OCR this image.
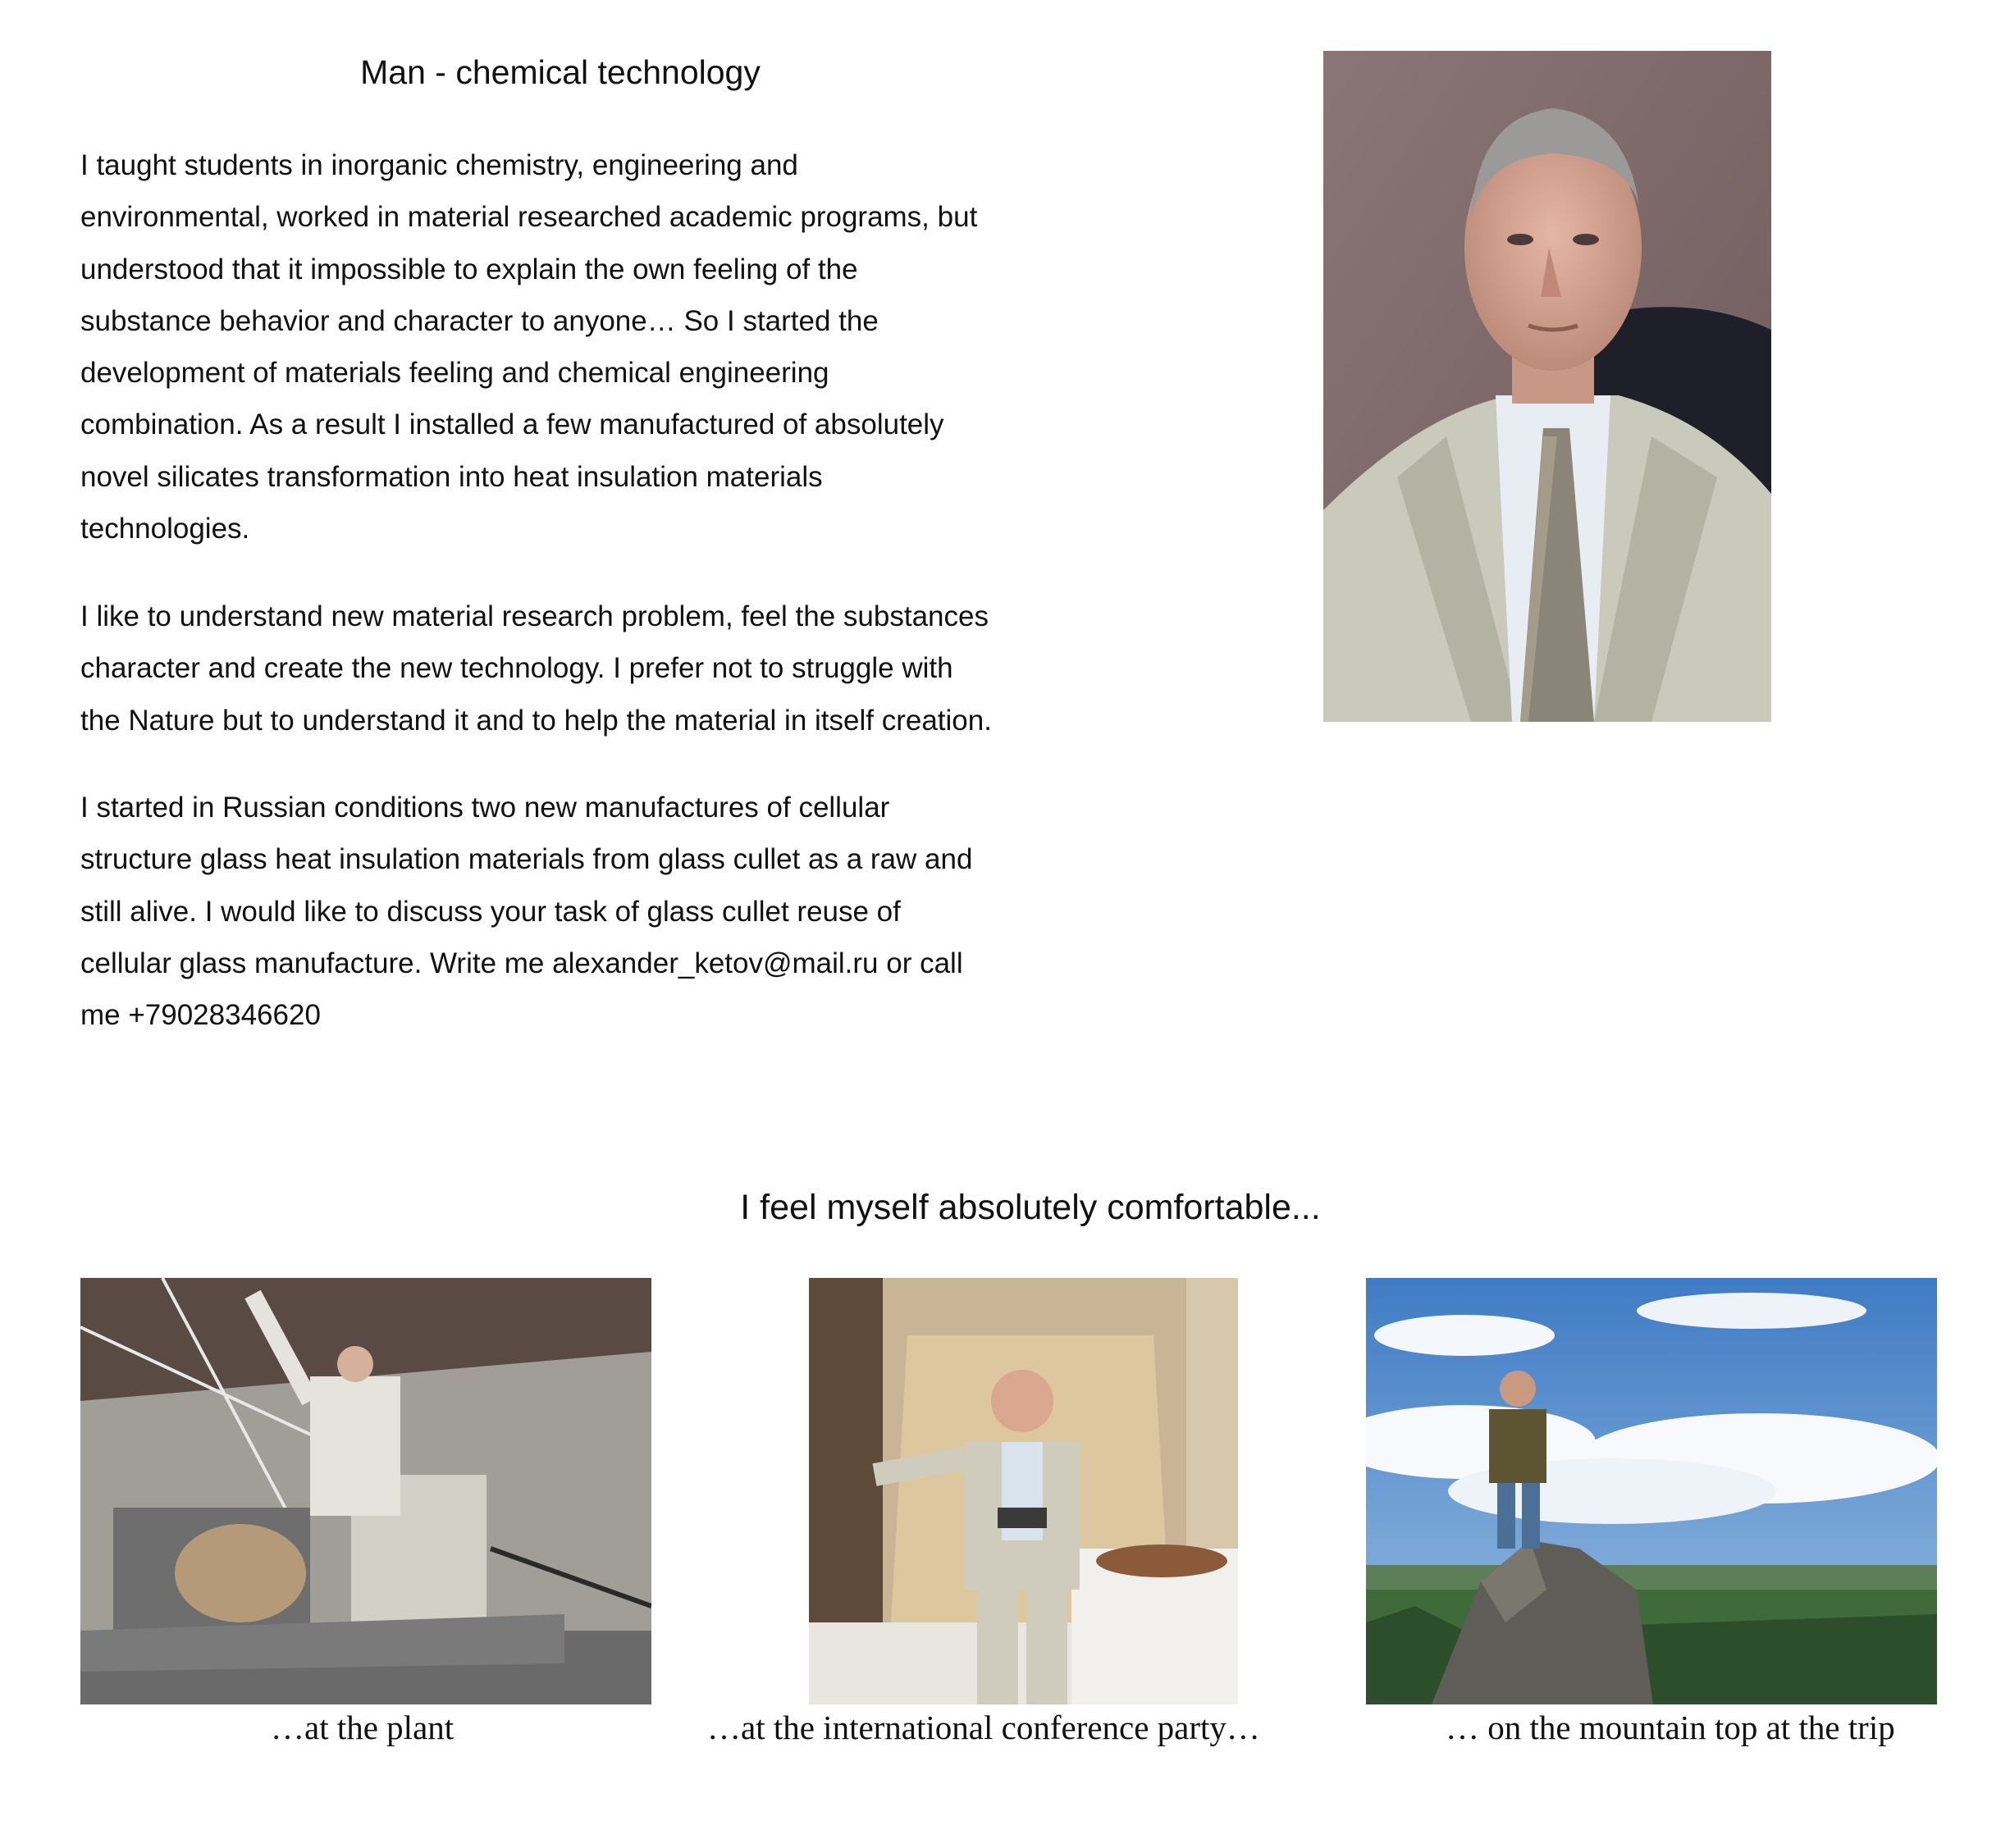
Man - chemical technology
I taught students in inorganic chemistry, engineering and
environmental, worked in material researched academic programs, but
understood that it impossible to explain the own feeling of the
substance behavior and character to anyone… So I started the
development of materials feeling and chemical engineering
combination. As a result I installed a few manufactured of absolutely
novel silicates transformation into heat insulation materials
technologies.
I like to understand new material research problem, feel the substances
character and create the new technology. I prefer not to struggle with
the Nature but to understand it and to help the material in itself creation.
I started in Russian conditions two new manufactures of cellular
structure glass heat insulation materials from glass cullet as a raw and
still alive. I would like to discuss your task of glass cullet reuse of
cellular glass manufacture. Write me alexander_ketov@mail.ru or call
me +79028346620
I feel myself absolutely comfortable...
…at the plant	…at the international conference party…	… on the mountain top at the trip
